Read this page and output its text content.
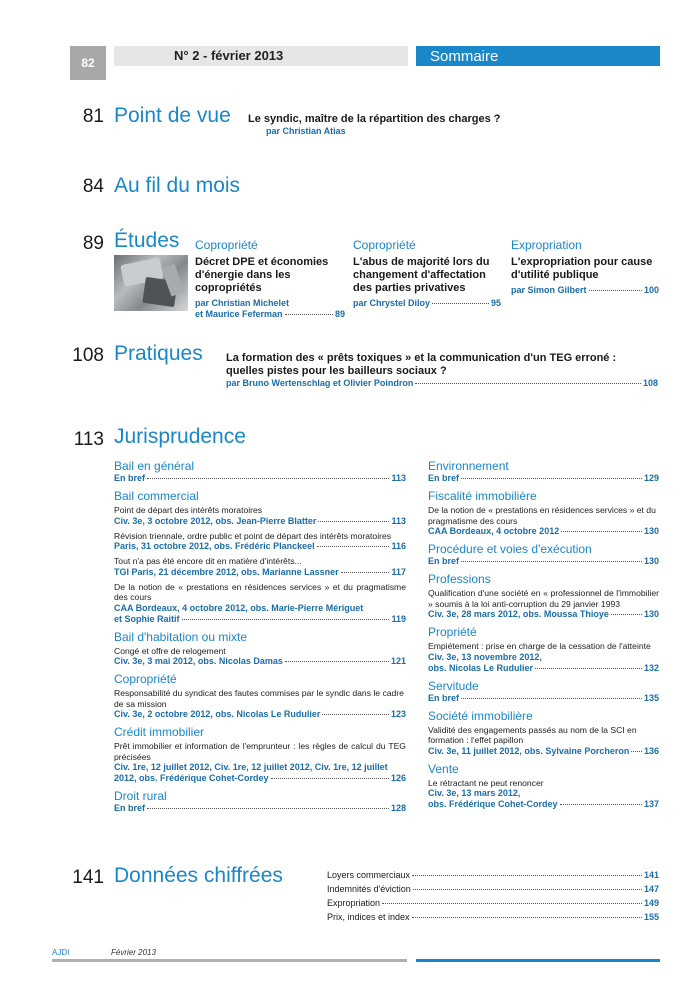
82	N° 2 - février 2013	Sommaire
81 Point de vue Le syndic, maître de la répartition des charges ?
par Christian Atias
84 Au fil du mois
89 Études Copropriété
Décret DPE et économies d'énergie dans les copropriétés
par Christian Michelet
et Maurice Feferman	89
Copropriété
L'abus de majorité lors du changement d'affectation des parties privatives
par Chrystel Diloy	95
Expropriation
L'expropriation pour cause d'utilité publique
par Simon Gilbert	100
108 Pratiques La formation des « prêts toxiques » et la communication d'un TEG erroné : quelles pistes pour les bailleurs sociaux ?
par Bruno Wertenschlag et Olivier Poindron	108
113 Jurisprudence
Bail en général
En bref	113
Bail commercial
Point de départ des intérêts moratoires
Civ. 3e, 3 octobre 2012, obs. Jean-Pierre Blatter	113
Révision triennale, ordre public et point de départ des intérêts moratoires
Paris, 31 octobre 2012, obs. Frédéric Planckeel	116
Tout n'a pas été encore dit en matière d'intérêts...
TGI Paris, 21 décembre 2012, obs. Marianne Lassner	117
De la notion de « prestations en résidences services » et du pragmatisme des cours
CAA Bordeaux, 4 octobre 2012, obs. Marie-Pierre Mériguet
et Sophie Raitif	119
Bail d'habitation ou mixte
Congé et offre de relogement
Civ. 3e, 3 mai 2012, obs. Nicolas Damas	121
Copropriété
Responsabilité du syndicat des fautes commises par le syndic dans le cadre de sa mission
Civ. 3e, 2 octobre 2012, obs. Nicolas Le Rudulier	123
Crédit immobilier
Prêt immobilier et information de l'emprunteur : les règles de calcul du TEG précisées
Civ. 1re, 12 juillet 2012, Civ. 1re, 12 juillet 2012, Civ. 1re, 12 juillet
2012, obs. Frédérique Cohet-Cordey	126
Droit rural
En bref	128
Environnement
En bref	129
Fiscalité immobilière
De la notion de « prestations en résidences services » et du pragmatisme des cours
CAA Bordeaux, 4 octobre 2012	130
Procédure et voies d'exécution
En bref	130
Professions
Qualification d'une société en « professionnel de l'immobilier » soumis à la loi anti-corruption du 29 janvier 1993
Civ. 3e, 28 mars 2012, obs. Moussa Thioye	130
Propriété
Empiétement : prise en charge de la cessation de l'atteinte
Civ. 3e, 13 novembre 2012,
obs. Nicolas Le Rudulier	132
Servitude
En bref	135
Société immobilière
Validité des engagements passés au nom de la SCI en formation : l'effet papillon
Civ. 3e, 11 juillet 2012, obs. Sylvaine Porcheron 136
Vente
Le rétractant ne peut renoncer
Civ. 3e, 13 mars 2012,
obs. Frédérique Cohet-Cordey	137
141 Données chiffrées	Loyers commerciaux	141
Indemnités d'éviction	147
Expropriation	149
Prix, indices et index	155
AJDI	Février 2013
